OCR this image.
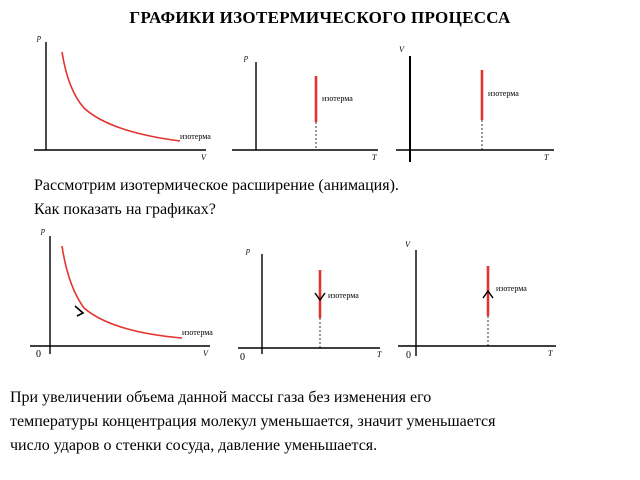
ГРАФИКИ ИЗОТЕРМИЧЕСКОГО ПРОЦЕССА
p
V
изотерма
p
T
изотерма
V
T
изотерма
p
V
0
изотерма
p
T
0
изотерма
V
T
0
изотерма
Рассмотрим изотермическое расширение (анимация).
Как показать на графиках?
При увеличении объема данной массы газа без изменения его
температуры концентрация молекул уменьшается, значит уменьшается
число ударов о стенки сосуда, давление уменьшается.
